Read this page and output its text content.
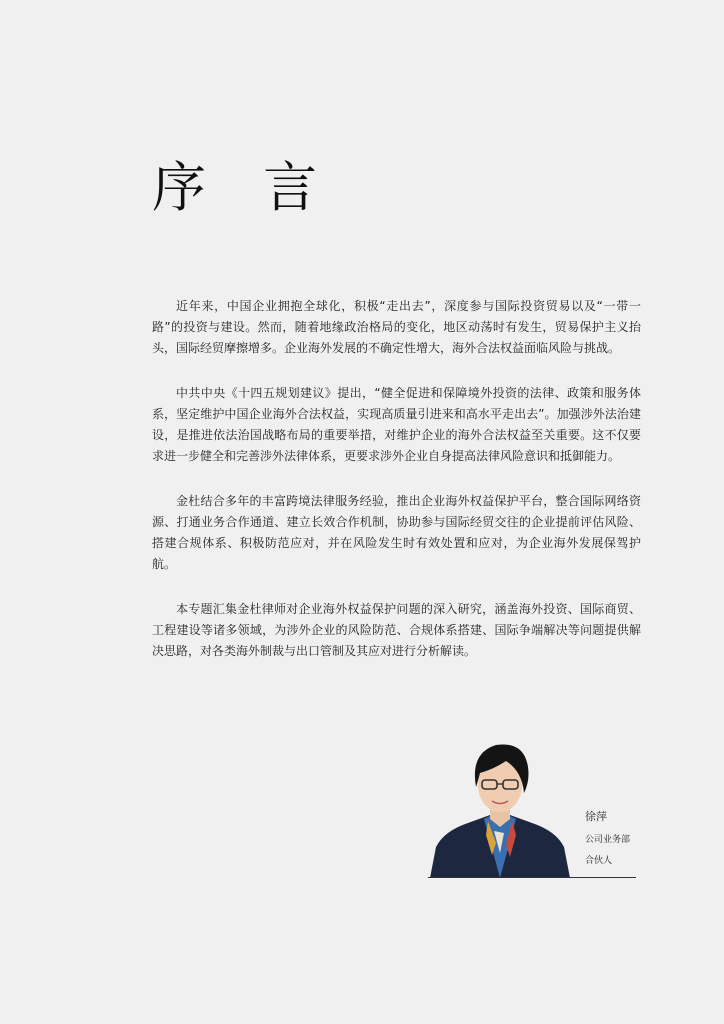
序 言

近年来，中国企业拥抱全球化，积极“走出去”，深度参与国际投资贸易以及“一带一路”的投资与建设。然而，随着地缘政治格局的变化，地区动荡时有发生，贸易保护主义抬头，国际经贸摩擦增多。企业海外发展的不确定性增大，海外合法权益面临风险与挑战。

中共中央《十四五规划建议》提出，“健全促进和保障境外投资的法律、政策和服务体系，坚定维护中国企业海外合法权益，实现高质量引进来和高水平走出去”。加强涉外法治建设，是推进依法治国战略布局的重要举措，对维护企业的海外合法权益至关重要。这不仅要求进一步健全和完善涉外法律体系，更要求涉外企业自身提高法律风险意识和抵御能力。

金杜结合多年的丰富跨境法律服务经验，推出企业海外权益保护平台，整合国际网络资源、打通业务合作通道、建立长效合作机制，协助参与国际经贸交往的企业提前评估风险、搭建合规体系、积极防范应对，并在风险发生时有效处置和应对，为企业海外发展保驾护航。

本专题汇集金杜律师对企业海外权益保护问题的深入研究，涵盖海外投资、国际商贸、工程建设等诸多领域，为涉外企业的风险防范、合规体系搭建、国际争端解决等问题提供解决思路，对各类海外制裁与出口管制及其应对进行分析解读。

徐萍
公司业务部
合伙人
